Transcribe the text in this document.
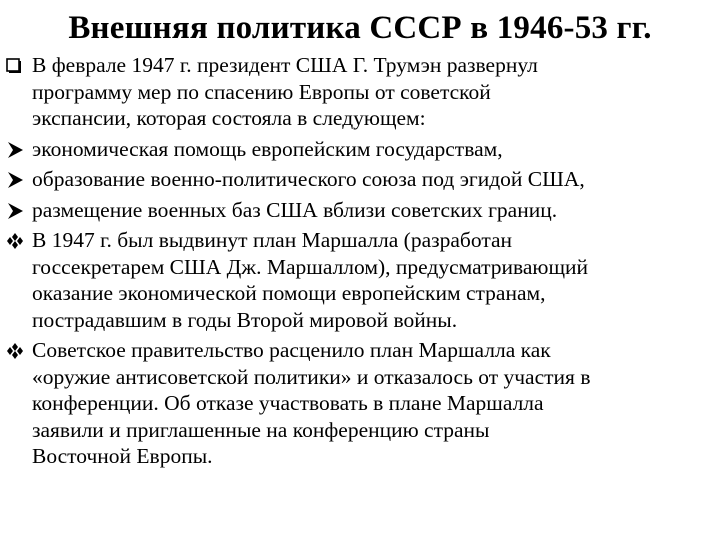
Внешняя политика СССР в 1946-53 гг.
В феврале 1947 г. президент США Г. Трумэн развернул
программу мер по спасению Европы от советской
экспансии, которая состояла в следующем:
экономическая помощь европейским государствам,
образование военно-политического союза под эгидой США,
размещение военных баз США вблизи советских границ.
В 1947 г. был выдвинут план Маршалла (разработан
госсекретарем США Дж. Маршаллом), предусматривающий
оказание экономической помощи европейским странам,
пострадавшим в годы Второй мировой войны.
Советское правительство расценило план Маршалла как
«оружие антисоветской политики» и отказалось от участия в
конференции. Об отказе участвовать в плане Маршалла
заявили и приглашенные на конференцию страны
Восточной Европы.
